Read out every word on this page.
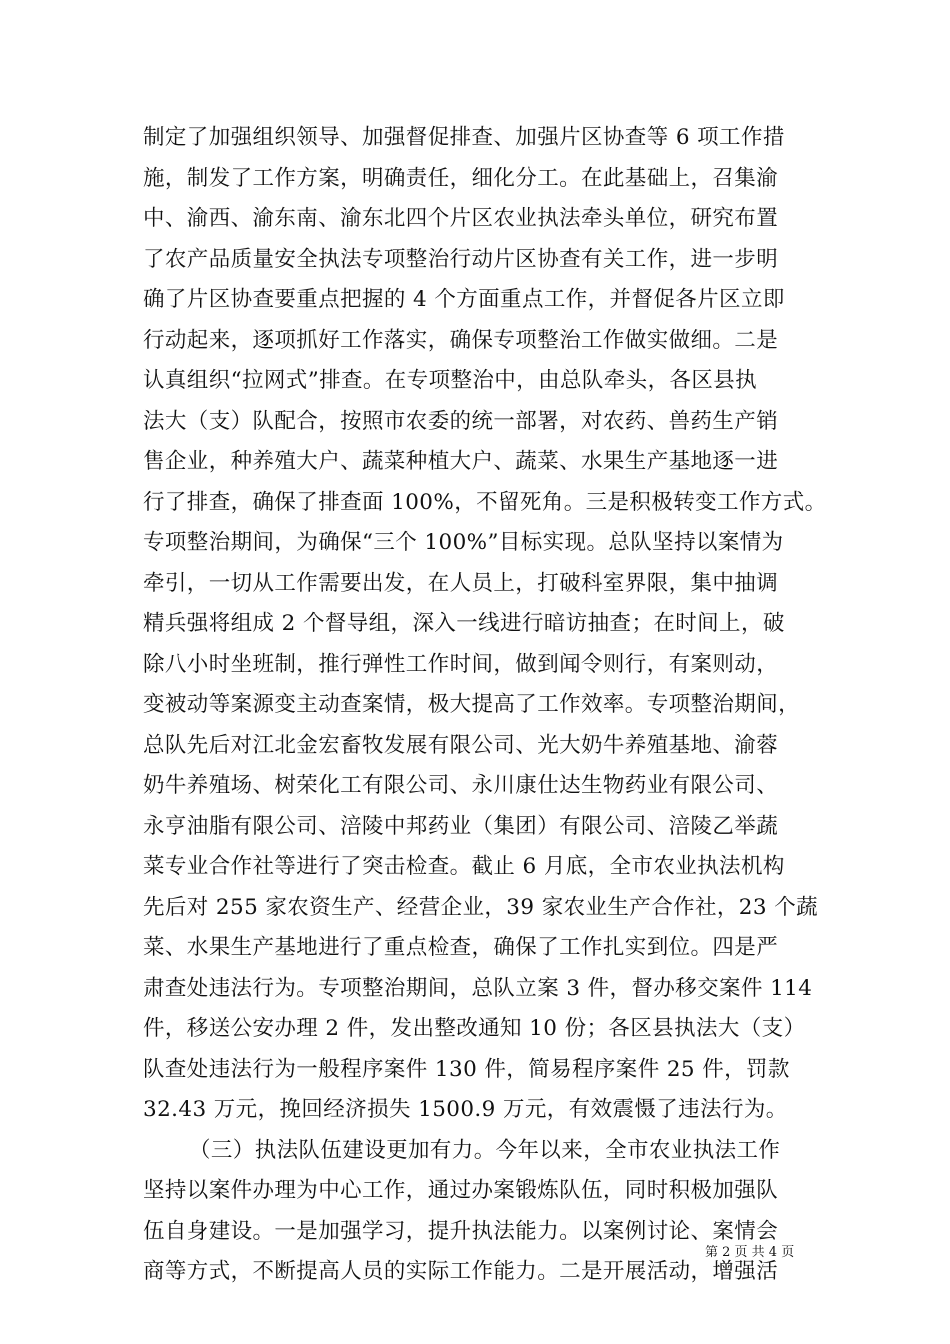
制定了加强组织领导、加强督促排查、加强片区协查等 6 项工作措
施，制发了工作方案，明确责任，细化分工。在此基础上，召集渝
中、渝西、渝东南、渝东北四个片区农业执法牵头单位，研究布置
了农产品质量安全执法专项整治行动片区协查有关工作，进一步明
确了片区协查要重点把握的 4 个方面重点工作，并督促各片区立即
行动起来，逐项抓好工作落实，确保专项整治工作做实做细。二是
认真组织“拉网式”排查。在专项整治中，由总队牵头，各区县执
法大（支）队配合，按照市农委的统一部署，对农药、兽药生产销
售企业，种养殖大户、蔬菜种植大户、蔬菜、水果生产基地逐一进
行了排查，确保了排查面 100%，不留死角。三是积极转变工作方式。
专项整治期间，为确保“三个 100%”目标实现。总队坚持以案情为
牵引，一切从工作需要出发，在人员上，打破科室界限，集中抽调
精兵强将组成 2 个督导组，深入一线进行暗访抽查；在时间上，破
除八小时坐班制，推行弹性工作时间，做到闻令则行，有案则动，
变被动等案源变主动查案情，极大提高了工作效率。专项整治期间，
总队先后对江北金宏畜牧发展有限公司、光大奶牛养殖基地、渝蓉
奶牛养殖场、树荣化工有限公司、永川康仕达生物药业有限公司、
永亨油脂有限公司、涪陵中邦药业（集团）有限公司、涪陵乙举蔬
菜专业合作社等进行了突击检查。截止 6 月底，全市农业执法机构
先后对 255 家农资生产、经营企业，39 家农业生产合作社，23 个蔬
菜、水果生产基地进行了重点检查，确保了工作扎实到位。四是严
肃查处违法行为。专项整治期间，总队立案 3 件，督办移交案件 114
件，移送公安办理 2 件，发出整改通知 10 份；各区县执法大（支）
队查处违法行为一般程序案件 130 件，简易程序案件 25 件，罚款
32.43 万元，挽回经济损失 1500.9 万元，有效震慑了违法行为。
（三）执法队伍建设更加有力。今年以来，全市农业执法工作
坚持以案件办理为中心工作，通过办案锻炼队伍，同时积极加强队
伍自身建设。一是加强学习，提升执法能力。以案例讨论、案情会
商等方式，不断提高人员的实际工作能力。二是开展活动，增强活
第 2 页 共 4 页
